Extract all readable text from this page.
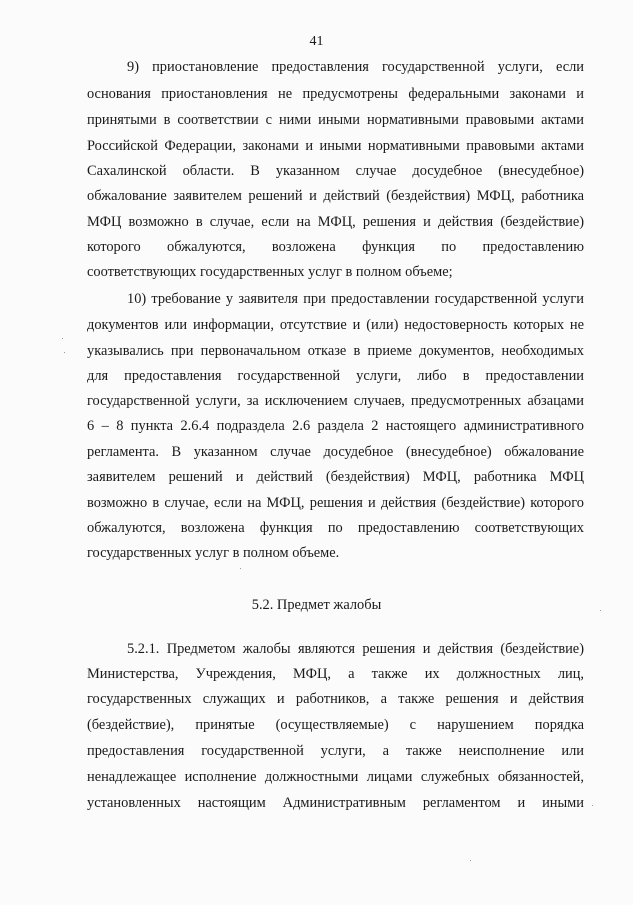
41
9) приостановление предоставления государственной услуги, если
основания приостановления не предусмотрены федеральными законами и
принятыми в соответствии с ними иными нормативными правовыми актами
Российской Федерации, законами и иными нормативными правовыми актами
Сахалинской области. В указанном случае досудебное (внесудебное)
обжалование заявителем решений и действий (бездействия) МФЦ, работника
МФЦ возможно в случае, если на МФЦ, решения и действия (бездействие)
которого обжалуются, возложена функция по предоставлению
соответствующих государственных услуг в полном объеме;
10) требование у заявителя при предоставлении государственной услуги
документов или информации, отсутствие и (или) недостоверность которых не
указывались при первоначальном отказе в приеме документов, необходимых
для предоставления государственной услуги, либо в предоставлении
государственной услуги, за исключением случаев, предусмотренных абзацами
6 – 8 пункта 2.6.4 подраздела 2.6 раздела 2 настоящего административного
регламента. В указанном случае досудебное (внесудебное) обжалование
заявителем решений и действий (бездействия) МФЦ, работника МФЦ
возможно в случае, если на МФЦ, решения и действия (бездействие) которого
обжалуются, возложена функция по предоставлению соответствующих
государственных услуг в полном объеме.
5.2. Предмет жалобы
5.2.1. Предметом жалобы являются решения и действия (бездействие)
Министерства, Учреждения, МФЦ, а также их должностных лиц,
государственных служащих и работников, а также решения и действия
(бездействие), принятые (осуществляемые) с нарушением порядка
предоставления государственной услуги, а также неисполнение или
ненадлежащее исполнение должностными лицами служебных обязанностей,
установленных настоящим Административным регламентом и иными
